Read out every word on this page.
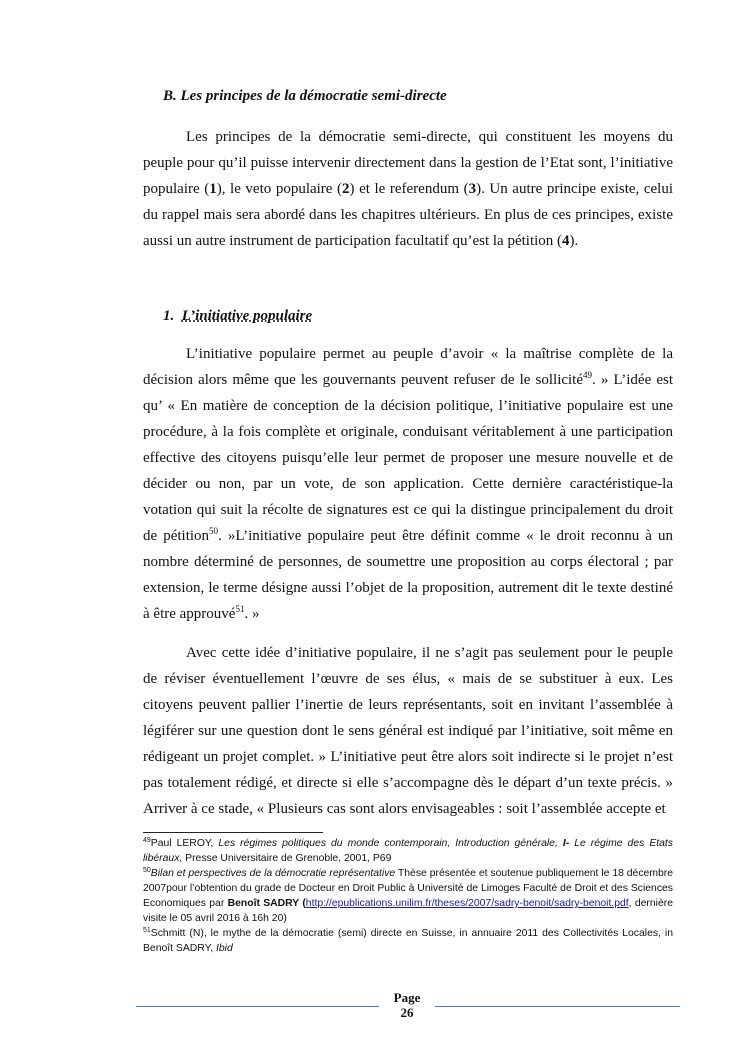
B. Les principes de la démocratie semi-directe

Les principes de la démocratie semi-directe, qui constituent les moyens du peuple pour qu’il puisse intervenir directement dans la gestion de l’Etat sont, l’initiative populaire (1), le veto populaire (2) et le referendum (3). Un autre principe existe, celui du rappel mais sera abordé dans les chapitres ultérieurs. En plus de ces principes, existe aussi un autre instrument de participation facultatif qu’est la pétition (4).

1. L’initiative populaire

L’initiative populaire permet au peuple d’avoir « la maîtrise complète de la décision alors même que les gouvernants peuvent refuser de le sollicité$^{49}$. » L’idée est qu’ « En matière de conception de la décision politique, l’initiative populaire est une procédure, à la fois complète et originale, conduisant véritablement à une participation effective des citoyens puisqu’elle leur permet de proposer une mesure nouvelle et de décider ou non, par un vote, de son application. Cette dernière caractéristique-la votation qui suit la récolte de signatures est ce qui la distingue principalement du droit de pétition$^{50}$. »L’initiative populaire peut être définit comme « le droit reconnu à un nombre déterminé de personnes, de soumettre une proposition au corps électoral ; par extension, le terme désigne aussi l’objet de la proposition, autrement dit le texte destiné à être approuvé$^{51}$. »

Avec cette idée d’initiative populaire, il ne s’agit pas seulement pour le peuple de réviser éventuellement l’œuvre de ses élus, « mais de se substituer à eux. Les citoyens peuvent pallier l’inertie de leurs représentants, soit en invitant l’assemblée à légiférer sur une question dont le sens général est indiqué par l’initiative, soit même en rédigeant un projet complet. » L’initiative peut être alors soit indirecte si le projet n’est pas totalement rédigé, et directe si elle s’accompagne dès le départ d’un texte précis. » Arriver à ce stade, « Plusieurs cas sont alors envisageables : soit l’assemblée accepte et

$^{49}$Paul LEROY, Les régimes politiques du monde contemporain, Introduction générale, I- Le régime des Etats libéraux, Presse Universitaire de Grenoble, 2001, P69

$^{50}$Bilan et perspectives de la démocratie représentative Thèse présentée et soutenue publiquement le 18 décembre 2007pour l’obtention du grade de Docteur en Droit Public à Université de Limoges Faculté de Droit et des Sciences Economiques par Benoît SADRY (http://epublications.unilim.fr/theses/2007/sadry-benoit/sadry-benoit.pdf, dernière visite le 05 avril 2016 à 16h 20)

$^{51}$Schmitt (N), le mythe de la démocratie (semi) directe en Suisse, in annuaire 2011 des Collectivités Locales, in Benoît SADRY, Ibid

Page
26
